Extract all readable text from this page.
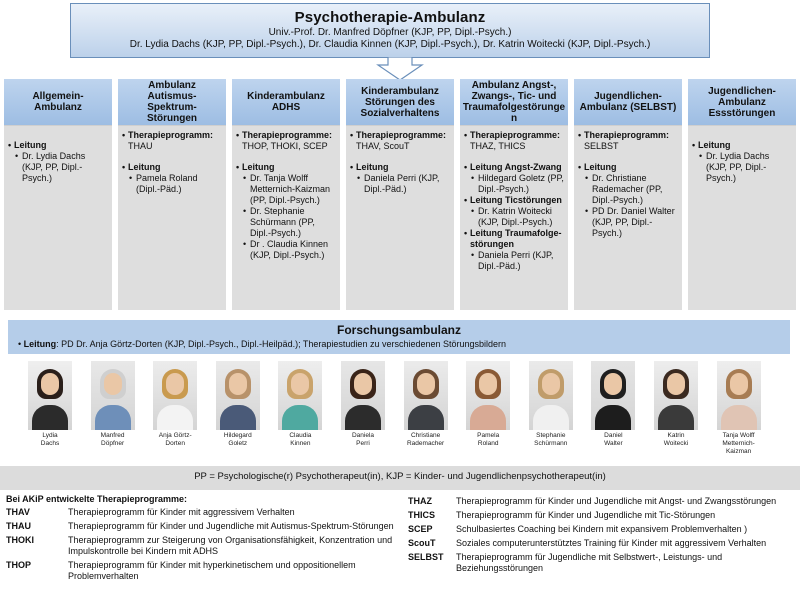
Psychotherapie-Ambulanz
Univ.-Prof. Dr. Manfred Döpfner (KJP, PP, Dipl.-Psych.)
Dr. Lydia Dachs (KJP, PP, Dipl.-Psych.), Dr. Claudia Kinnen (KJP, Dipl.-Psych.), Dr. Katrin Woitecki (KJP, Dipl.-Psych.)
Allgemein-
Ambulanz
• Leitung
• Dr. Lydia Dachs (KJP, PP, Dipl.-Psych.)
Ambulanz
Autismus-
Spektrum-
Störungen
• Therapieprogramm:
THAU
• Leitung
• Pamela Roland (Dipl.-Päd.)
Kinderambulanz
ADHS
• Therapieprogramme:
THOP, THOKI, SCEP
• Leitung
• Dr. Tanja Wolff Metternich-Kaizman (PP, Dipl.-Psych.)
• Dr. Stephanie Schürmann (PP, Dipl.-Psych.)
• Dr . Claudia Kinnen (KJP, Dipl.-Psych.)
Kinderambulanz
Störungen des
Sozialverhaltens
• Therapieprogramme:
THAV, ScouT
• Leitung
• Daniela Perri (KJP, Dipl.-Päd.)
Ambulanz Angst-,
Zwangs-, Tic- und
Traumafolgestörunge
n
• Therapieprogramme:
THAZ, THICS
• Leitung Angst-Zwang
• Hildegard Goletz (PP, Dipl.-Psych.)
• Leitung Ticstörungen
• Dr. Katrin Woitecki (KJP, Dipl.-Psych.)
• Leitung Traumafolge-störungen
• Daniela Perri (KJP, Dipl.-Päd.)
Jugendlichen-
Ambulanz (SELBST)
• Therapieprogramm:
SELBST
• Leitung
• Dr. Christiane Rademacher (PP, Dipl.-Psych.)
• PD Dr. Daniel Walter (KJP, PP, Dipl.-Psych.)
Jugendlichen-
Ambulanz
Essstörungen
• Leitung
• Dr. Lydia Dachs (KJP, PP, Dipl.-Psych.)
Forschungsambulanz
• Leitung: PD Dr. Anja Görtz-Dorten (KJP, Dipl.-Psych., Dipl.-Heilpäd.); Therapiestudien zu verschiedenen Störungsbildern
Lydia
Dachs
Manfred
Döpfner
Anja Görtz-
Dorten
Hildegard
Goletz
Claudia
Kinnen
Daniela
Perri
Christiane
Rademacher
Pamela
Roland
Stephanie
Schürmann
Daniel
Walter
Katrin
Woitecki
Tanja Wolff
Metternich-
Kaizman
PP = Psychologische(r) Psychotherapeut(in), KJP = Kinder- und Jugendlichenpsychotherapeut(in)
Bei AKiP entwickelte Therapieprogramme:
THAV	Therapieprogramm für Kinder mit aggressivem Verhalten
THAU	Therapieprogramm für Kinder und Jugendliche mit Autismus-Spektrum-Störungen
THOKI	Therapieprogramm zur Steigerung von Organisationsfähigkeit, Konzentration und Impulskontrolle bei Kindern mit ADHS
THOP	Therapieprogramm für Kinder mit hyperkinetischem und oppositionellem Problemverhalten
THAZ	Therapieprogramm für Kinder und Jugendliche mit Angst- und Zwangsstörungen
THICS	Therapieprogramm für Kinder und Jugendliche mit Tic-Störungen
SCEP	Schulbasiertes Coaching bei Kindern mit expansivem Problemverhalten )
ScouT	Soziales computerunterstütztes Training für Kinder mit aggressivem Verhalten
SELBST	Therapieprogramm für Jugendliche mit Selbstwert-, Leistungs- und Beziehungsstörungen
